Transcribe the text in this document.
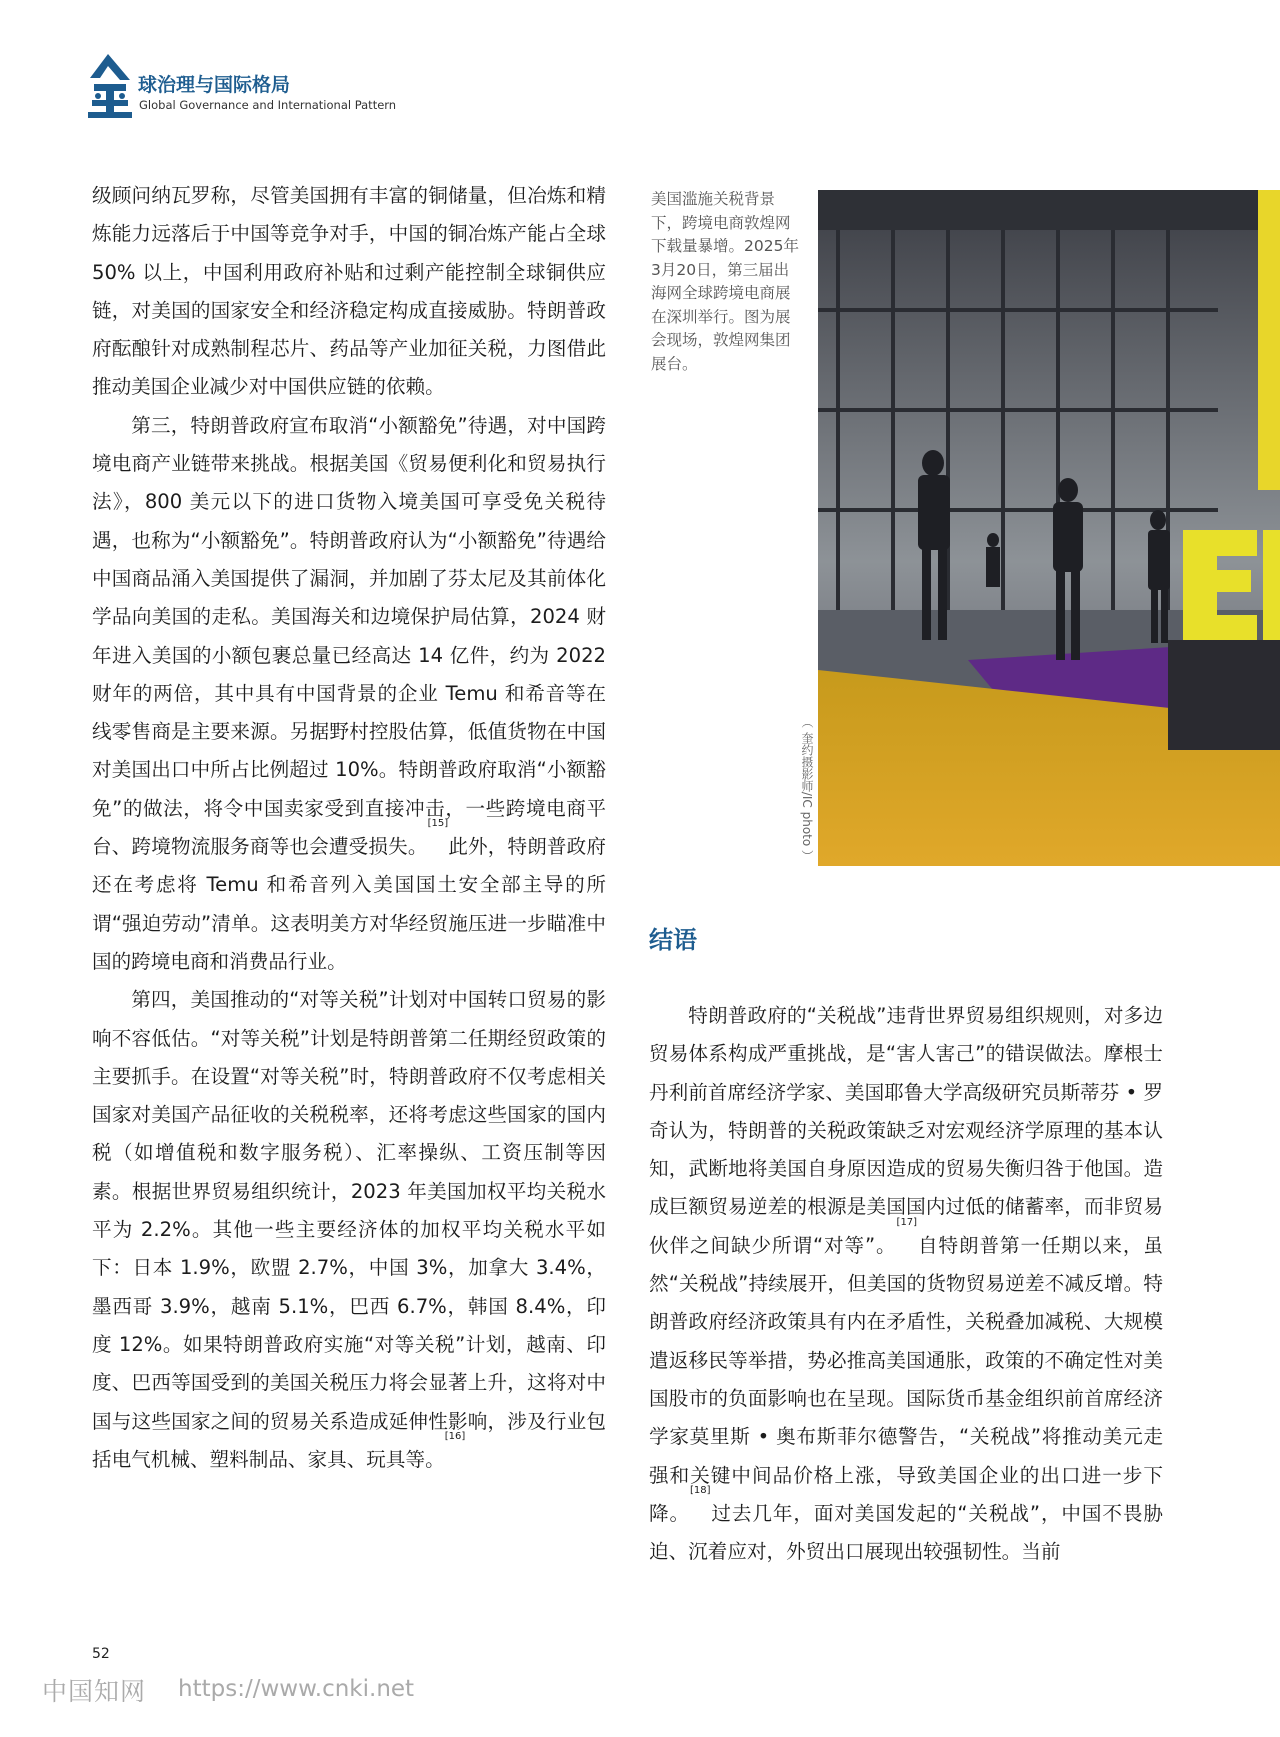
球治理与国际格局
Global Governance and International Pattern

级顾问纳瓦罗称，尽管美国拥有丰富的铜储量，但冶炼和精炼能力远落后于中国等竞争对手，中国的铜冶炼产能占全球 50% 以上，中国利用政府补贴和过剩产能控制全球铜供应链，对美国的国家安全和经济稳定构成直接威胁。特朗普政府酝酿针对成熟制程芯片、药品等产业加征关税，力图借此推动美国企业减少对中国供应链的依赖。

第三，特朗普政府宣布取消“小额豁免”待遇，对中国跨境电商产业链带来挑战。根据美国《贸易便利化和贸易执行法》，800 美元以下的进口货物入境美国可享受免关税待遇，也称为“小额豁免”。特朗普政府认为“小额豁免”待遇给中国商品涌入美国提供了漏洞，并加剧了芬太尼及其前体化学品向美国的走私。美国海关和边境保护局估算，2024 财年进入美国的小额包裹总量已经高达 14 亿件，约为 2022 财年的两倍，其中具有中国背景的企业 Temu 和希音等在线零售商是主要来源。另据野村控股估算，低值货物在中国对美国出口中所占比例超过 10%。特朗普政府取消“小额豁免”的做法，将令中国卖家受到直接冲击，一些跨境电商平台、跨境物流服务商等也会遭受损失。[15]此外，特朗普政府还在考虑将 Temu 和希音列入美国国土安全部主导的所谓“强迫劳动”清单。这表明美方对华经贸施压进一步瞄准中国的跨境电商和消费品行业。

第四，美国推动的“对等关税”计划对中国转口贸易的影响不容低估。“对等关税”计划是特朗普第二任期经贸政策的主要抓手。在设置“对等关税”时，特朗普政府不仅考虑相关国家对美国产品征收的关税税率，还将考虑这些国家的国内税（如增值税和数字服务税）、汇率操纵、工资压制等因素。根据世界贸易组织统计，2023 年美国加权平均关税水平为 2.2%。其他一些主要经济体的加权平均关税水平如下：日本 1.9%，欧盟 2.7%，中国 3%，加拿大 3.4%，墨西哥 3.9%，越南 5.1%，巴西 6.7%，韩国 8.4%，印度 12%。如果特朗普政府实施“对等关税”计划，越南、印度、巴西等国受到的美国关税压力将会显著上升，这将对中国与这些国家之间的贸易关系造成延伸性影响，涉及行业包括电气机械、塑料制品、家具、玩具等。[16]

美国滥施关税背景下，跨境电商敦煌网下载量暴增。2025年3月20日，第三届出海网全球跨境电商展在深圳举行。图为展会现场，敦煌网集团展台。
（ 奎约摄影师/IC photo ）
结语

特朗普政府的“关税战”违背世界贸易组织规则，对多边贸易体系构成严重挑战，是“害人害己”的错误做法。摩根士丹利前首席经济学家、美国耶鲁大学高级研究员斯蒂芬 • 罗奇认为，特朗普的关税政策缺乏对宏观经济学原理的基本认知，武断地将美国自身原因造成的贸易失衡归咎于他国。造成巨额贸易逆差的根源是美国国内过低的储蓄率，而非贸易伙伴之间缺少所谓“对等”。[17]自特朗普第一任期以来，虽然“关税战”持续展开，但美国的货物贸易逆差不减反增。特朗普政府经济政策具有内在矛盾性，关税叠加减税、大规模遣返移民等举措，势必推高美国通胀，政策的不确定性对美国股市的负面影响也在呈现。国际货币基金组织前首席经济学家莫里斯 • 奥布斯菲尔德警告，“关税战”将推动美元走强和关键中间品价格上涨，导致美国企业的出口进一步下降。[18]过去几年，面对美国发起的“关税战”，中国不畏胁迫、沉着应对，外贸出口展现出较强韧性。当前

52
中国知网 https://www.cnki.net
